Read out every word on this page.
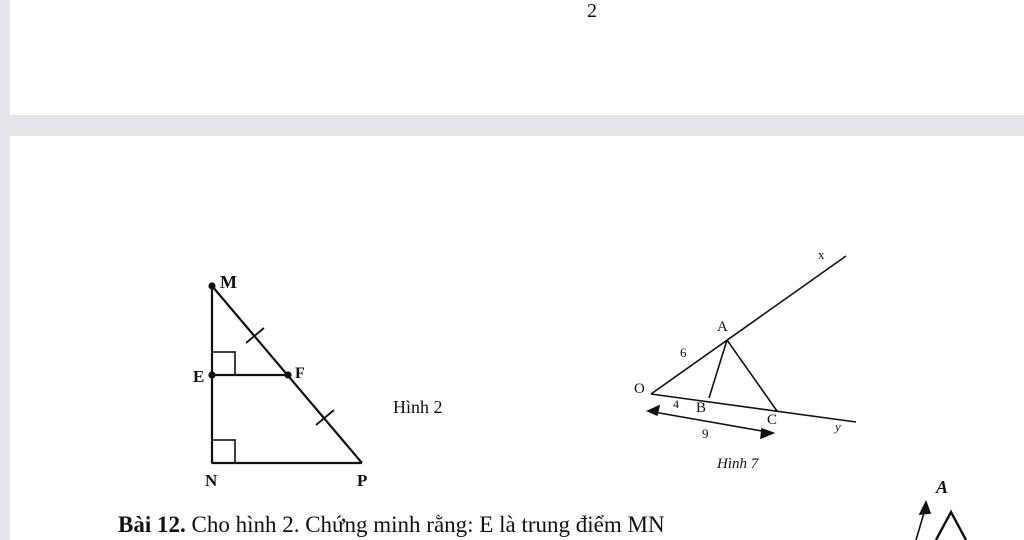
2
M
E	F
N	P
Hình 2
x
A
6
O
4 B
C
9	y
Hình 7
A
Bài 12. Cho hình 2. Chứng minh rằng: E là trung điểm MN
